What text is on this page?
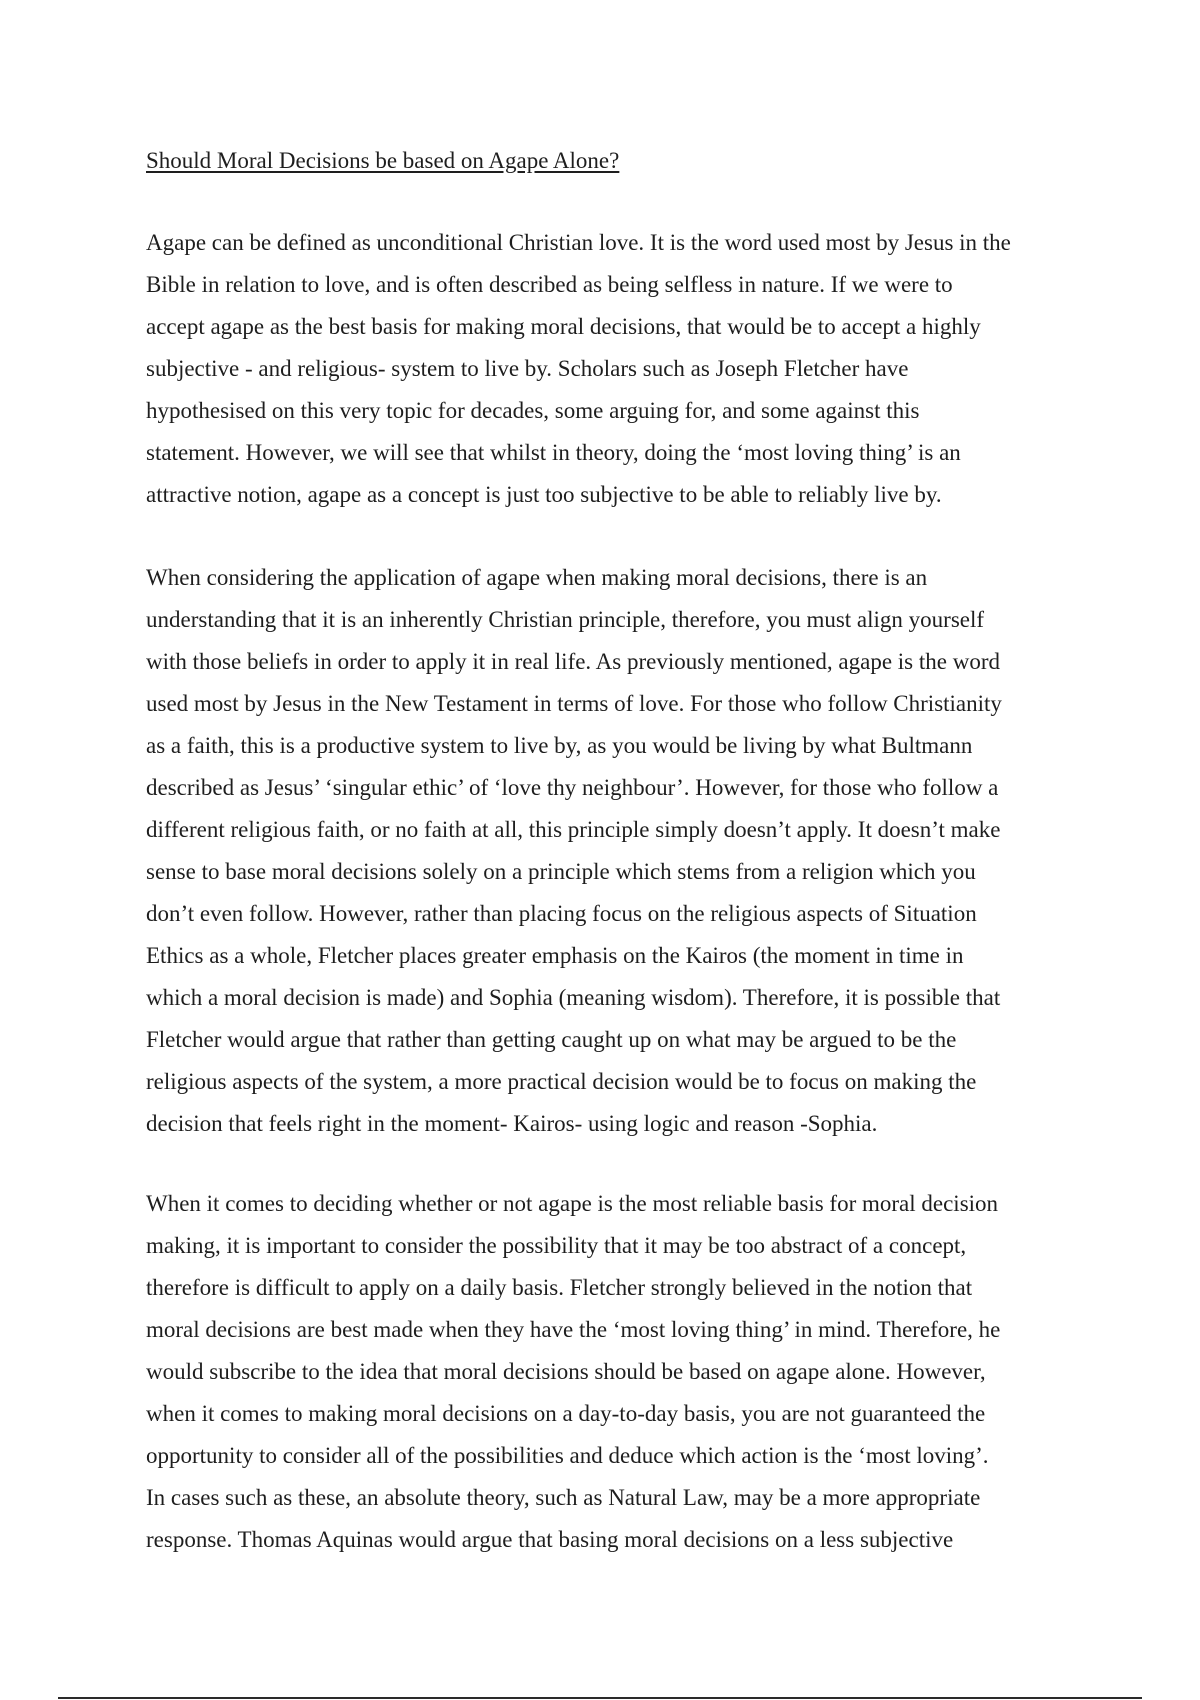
Should Moral Decisions be based on Agape Alone?
Agape can be defined as unconditional Christian love. It is the word used most by Jesus in the
Bible in relation to love, and is often described as being selfless in nature. If we were to
accept agape as the best basis for making moral decisions, that would be to accept a highly
subjective - and religious- system to live by. Scholars such as Joseph Fletcher have
hypothesised on this very topic for decades, some arguing for, and some against this
statement. However, we will see that whilst in theory, doing the ‘most loving thing’ is an
attractive notion, agape as a concept is just too subjective to be able to reliably live by.
When considering the application of agape when making moral decisions, there is an
understanding that it is an inherently Christian principle, therefore, you must align yourself
with those beliefs in order to apply it in real life. As previously mentioned, agape is the word
used most by Jesus in the New Testament in terms of love. For those who follow Christianity
as a faith, this is a productive system to live by, as you would be living by what Bultmann
described as Jesus’ ‘singular ethic’ of ‘love thy neighbour’. However, for those who follow a
different religious faith, or no faith at all, this principle simply doesn’t apply. It doesn’t make
sense to base moral decisions solely on a principle which stems from a religion which you
don’t even follow. However, rather than placing focus on the religious aspects of Situation
Ethics as a whole, Fletcher places greater emphasis on the Kairos (the moment in time in
which a moral decision is made) and Sophia (meaning wisdom). Therefore, it is possible that
Fletcher would argue that rather than getting caught up on what may be argued to be the
religious aspects of the system, a more practical decision would be to focus on making the
decision that feels right in the moment- Kairos- using logic and reason -Sophia.
When it comes to deciding whether or not agape is the most reliable basis for moral decision
making, it is important to consider the possibility that it may be too abstract of a concept,
therefore is difficult to apply on a daily basis. Fletcher strongly believed in the notion that
moral decisions are best made when they have the ‘most loving thing’ in mind. Therefore, he
would subscribe to the idea that moral decisions should be based on agape alone. However,
when it comes to making moral decisions on a day-to-day basis, you are not guaranteed the
opportunity to consider all of the possibilities and deduce which action is the ‘most loving’.
In cases such as these, an absolute theory, such as Natural Law, may be a more appropriate
response. Thomas Aquinas would argue that basing moral decisions on a less subjective
